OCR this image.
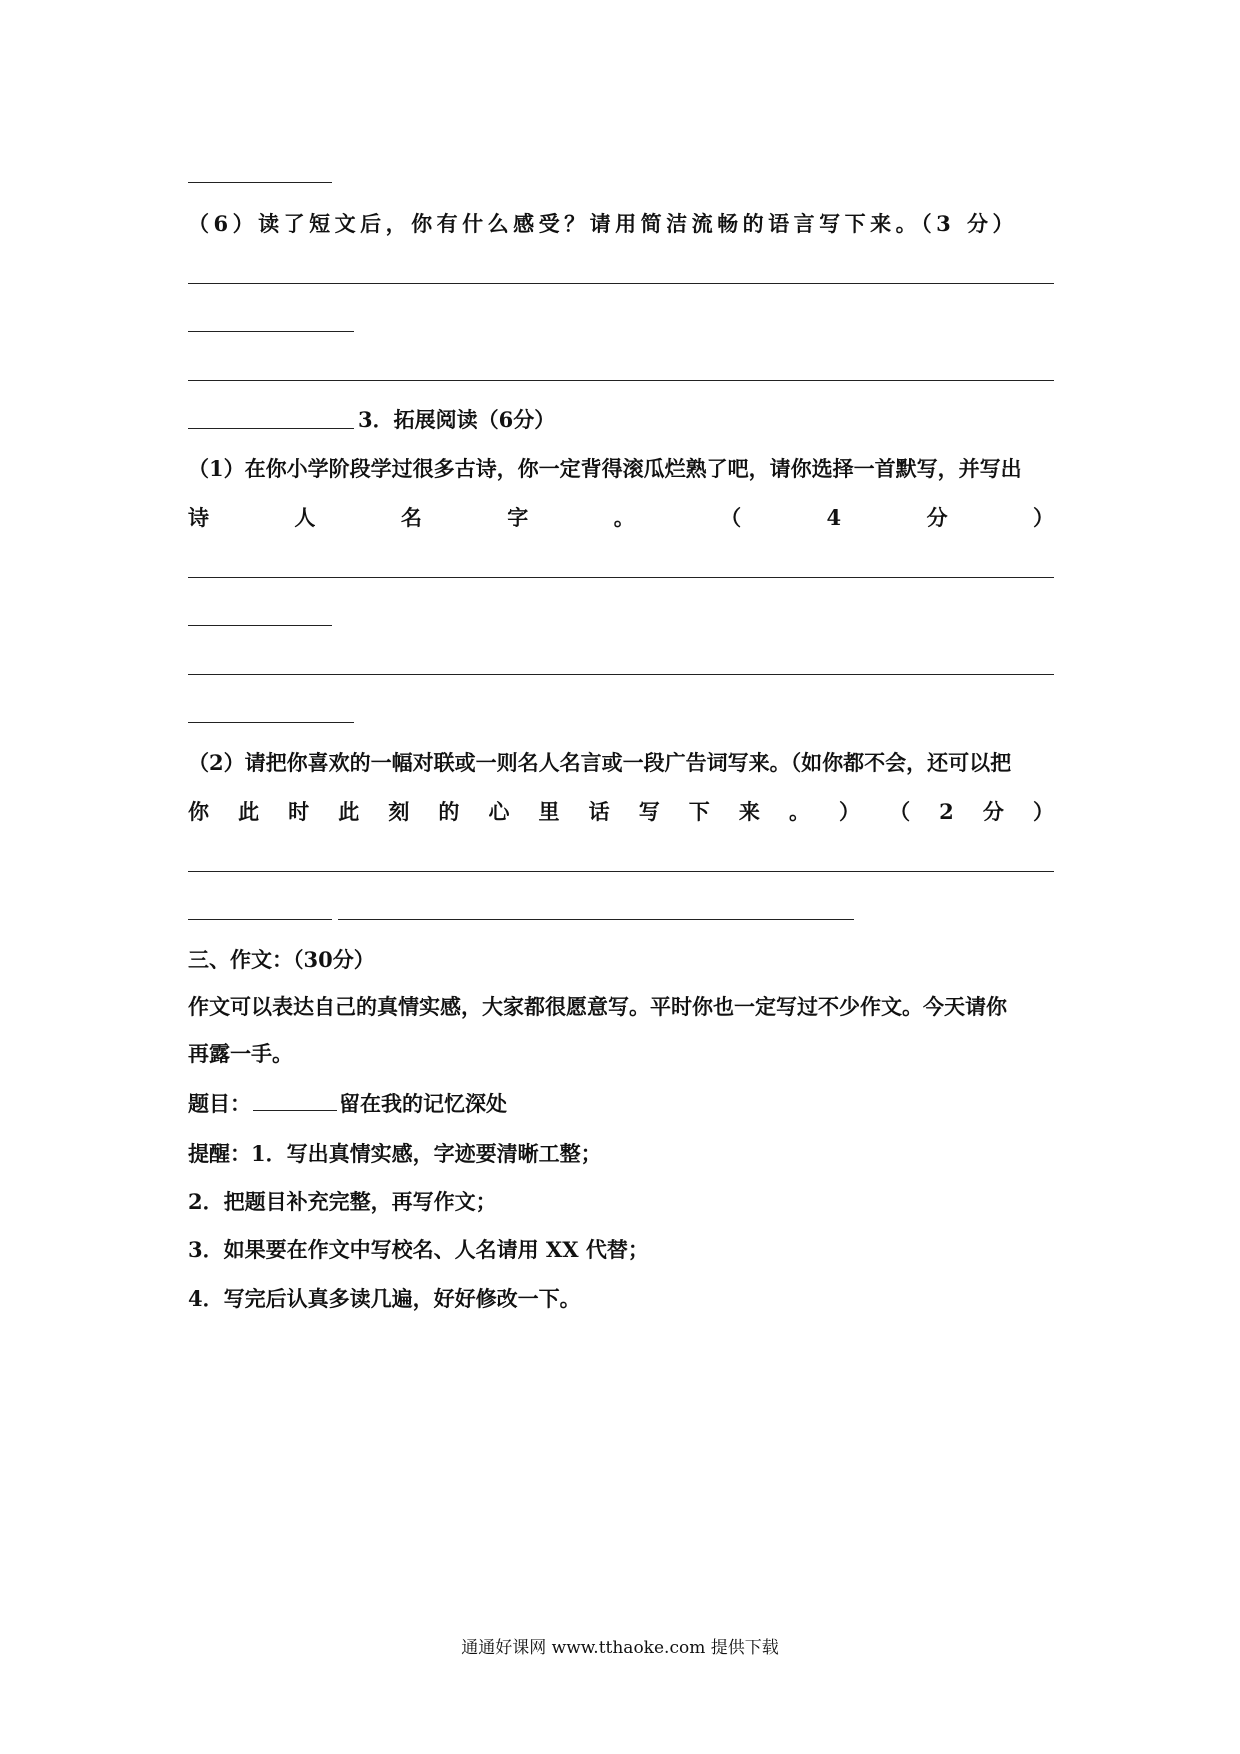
（6）读了短文后，你有什么感受？请用简洁流畅的语言写下来。（3 分）
3．拓展阅读（6分）
（1）在你小学阶段学过很多古诗，你一定背得滚瓜烂熟了吧，请你选择一首默写，并写出
诗	人	名	字	。	（	4	分	）
（2）请把你喜欢的一幅对联或一则名人名言或一段广告词写来。（如你都不会，还可以把
你 此 时 此 刻 的 心 里 话 写 下 来 。 ） （ 2 分 ）
三、作文：（30分）
作文可以表达自己的真情实感，大家都很愿意写。平时你也一定写过不少作文。今天请你
再露一手。
题目：	留在我的记忆深处
提醒：1．写出真情实感，字迹要清晰工整；
2．把题目补充完整，再写作文；
3．如果要在作文中写校名、人名请用 XX 代替；
4．写完后认真多读几遍，好好修改一下。
通通好课网 www.tthaoke.com 提供下载
